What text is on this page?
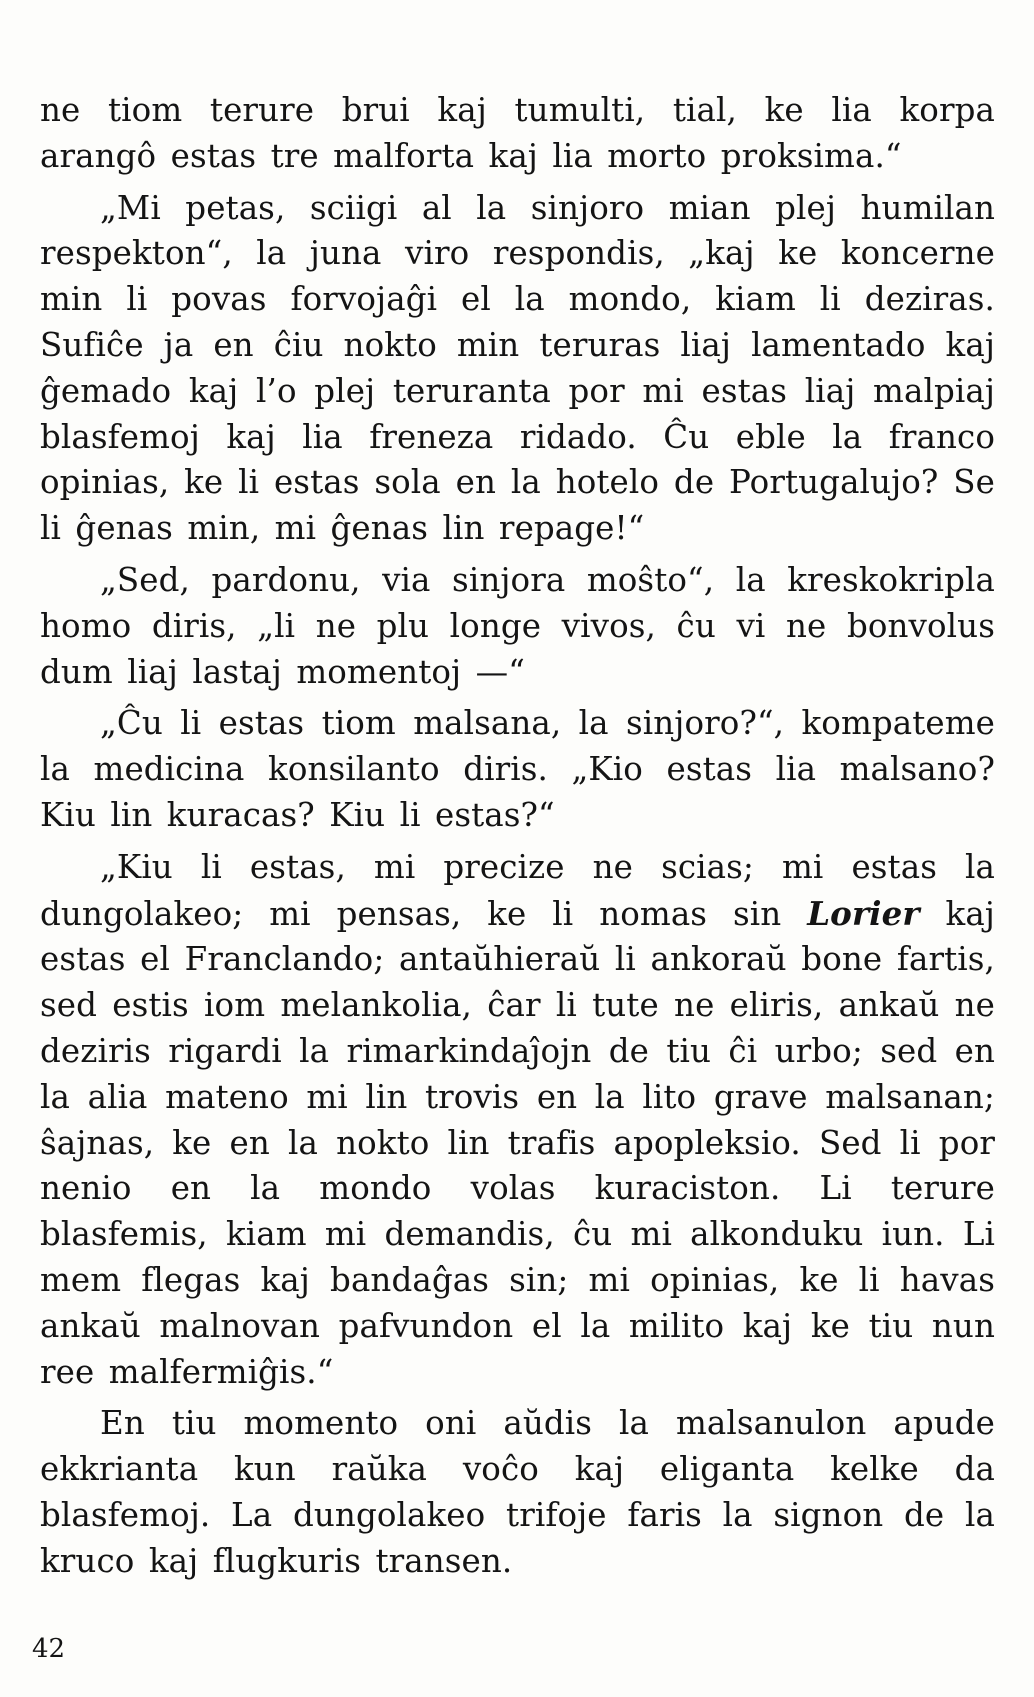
ne tiom terure brui kaj tumulti, tial, ke lia korpa arangô estas tre malforta kaj lia morto proksima.“

„Mi petas, sciigi al la sinjoro mian plej humilan respekton“, la juna viro respondis, „kaj ke koncerne min li povas forvojaĝi el la mondo, kiam li deziras. Sufiĉe ja en ĉiu nokto min teruras liaj lamentado kaj ĝemado kaj l’o plej teruranta por mi estas liaj malpiaj blasfemoj kaj lia freneza ridado. Ĉu eble la franco opinias, ke li estas sola en la hotelo de Portugalujo? Se li ĝenas min, mi ĝenas lin repage!“

„Sed, pardonu, via sinjora moŝto“, la kreskokripla homo diris, „li ne plu longe vivos, ĉu vi ne bonvolus dum liaj lastaj momentoj —“

„Ĉu li estas tiom malsana, la sinjoro?“, kompateme la medicina konsilanto diris. „Kio estas lia malsano? Kiu lin kuracas? Kiu li estas?“

„Kiu li estas, mi precize ne scias; mi estas la dungolakeo; mi pensas, ke li nomas sin Lorier kaj estas el Franclando; antaŭhieraŭ li ankoraŭ bone fartis, sed estis iom melankolia, ĉar li tute ne eliris, ankaŭ ne deziris rigardi la rimarkindaĵojn de tiu ĉi urbo; sed en la alia mateno mi lin trovis en la lito grave malsanan; ŝajnas, ke en la nokto lin trafis apopleksio. Sed li por nenio en la mondo volas kuraciston. Li terure blasfemis, kiam mi demandis, ĉu mi alkonduku iun. Li mem flegas kaj bandaĝas sin; mi opinias, ke li havas ankaŭ malnovan pafvundon el la milito kaj ke tiu nun ree malfermiĝis.“

En tiu momento oni aŭdis la malsanulon apude ekkrianta kun raŭka voĉo kaj eliganta kelke da blasfemoj. La dungolakeo trifoje faris la signon de la kruco kaj flugkuris transen.

42
